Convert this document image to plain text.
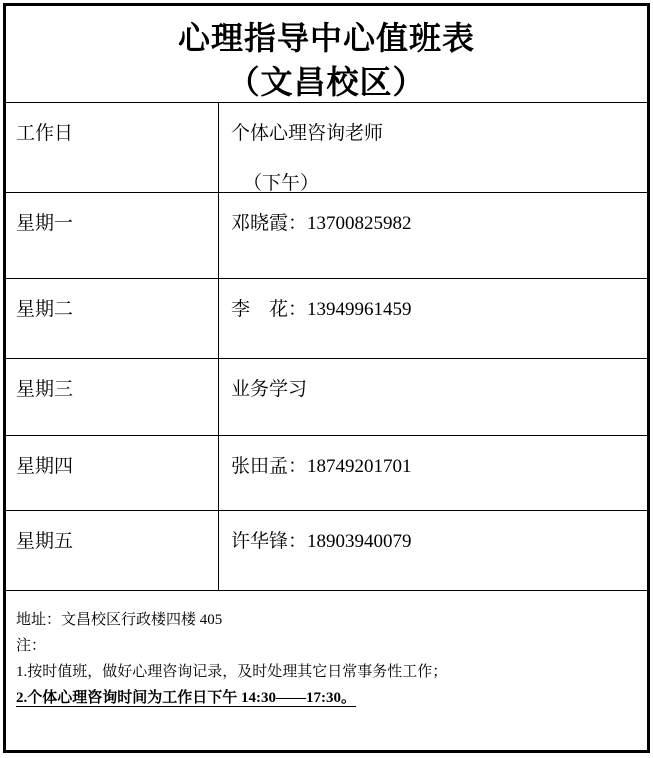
心理指导中心值班表
（文昌校区）
工作日	个体心理咨询老师
（下午）
星期一	邓晓霞：13700825982
星期二	李　花：13949961459
星期三	业务学习
星期四	张田孟：18749201701
星期五	许华锋：18903940079
地址：文昌校区行政楼四楼 405
注：
1.按时值班，做好心理咨询记录，及时处理其它日常事务性工作；
2.个体心理咨询时间为工作日下午 14:30——17:30。
